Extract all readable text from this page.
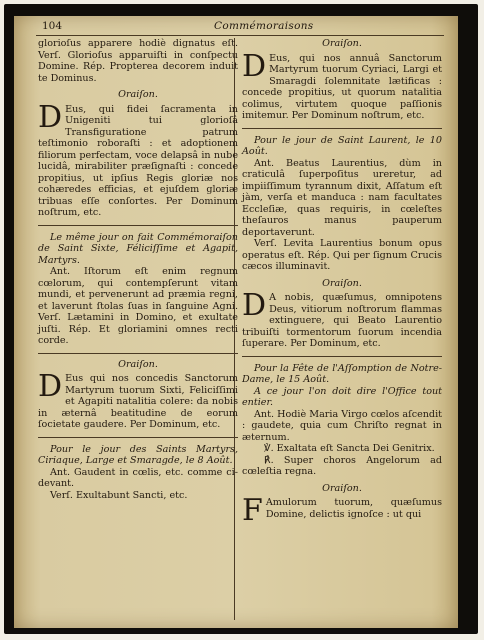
104	Commémoraisons

glorioſus apparere hodiè dignatus eſt. Verſ. Glorioſus apparuiſti in conſpectu Domine. Rép. Propterea decorem induit te Dominus.

Oraiſon.

D Eus, qui fidei ſacramenta in Unigeniti tui glorioſâ Transfiguratione patrum teſtimonio roboraſti : et adoptionem filiorum perfectam, voce delapsâ in nube lucidâ, mirabiliter præſignaſti : concede propitius, ut ipſius Regis gloriæ nos cohæredes efficias, et ejuſdem gloriæ tribuas eſſe conſortes. Per Dominum noſtrum, etc.

Le même jour on fait Commémoraiſon de Saint Sixte, Féliciſſime et Agapit, Martyrs.

Ant. Iſtorum eſt enim regnum cœlorum, qui contempſerunt vitam mundi, et pervenerunt ad præmia regni, et laverunt ſtolas ſuas in ſanguine Agni. Verſ. Lætamini in Domino, et exultate juſti. Rép. Et gloriamini omnes recti corde.

Oraiſon.

D Eus qui nos concedis Sanctorum Martyrum tuorum Sixti, Feliciſſimi et Agapiti natalitia colere: da nobis in æternâ beatitudine de eorum ſocietate gaudere. Per Dominum, etc.

Pour le jour des Saints Martyrs, Ciriaque, Large et Smaragde, le 8 Août.

Ant. Gaudent in cœlis, etc. comme ci-devant.

Verſ. Exultabunt Sancti, etc.

Oraiſon.

D Eus, qui nos annuâ Sanctorum Martyrum tuorum Cyriaci, Largi et Smaragdi ſolemnitate lætificas : concede propitius, ut quorum natalitia colimus, virtutem quoque paſſionis imitemur. Per Dominum noſtrum, etc.

Pour le jour de Saint Laurent, le 10 Août.

Ant. Beatus Laurentius, dùm in craticulâ ſuperpoſitus ureretur, ad impiiſſimum tyrannum dixit, Aſſatum eſt jàm, verſa et manduca : nam facultates Eccleſiæ, quas requiris, in cœleſtes theſauros manus pauperum deportaverunt.

Verſ. Levita Laurentius bonum opus operatus eſt. Rép. Qui per ſignum Crucis cæcos illuminavit.

Oraiſon.

D A nobis, quæſumus, omnipotens Deus, vitiorum noſtrorum flammas extinguere, qui Beato Laurentio tribuiſti tormentorum ſuorum incendia ſuperare. Per Dominum, etc.

Pour la Fête de l'Aſſomption de Notre-Dame, le 15 Août.

A ce jour l'on doit dire l'Office tout entier.

Ant. Hodiè Maria Virgo cœlos aſcendit : gaudete, quia cum Chriſto regnat in æternum.

℣. Exaltata eſt Sancta Dei Genitrix.

℟. Super choros Angelorum ad cœleſtia regna.

Oraiſon.

F Amulorum tuorum, quæſumus Domine, delictis ignoſce : ut qui
